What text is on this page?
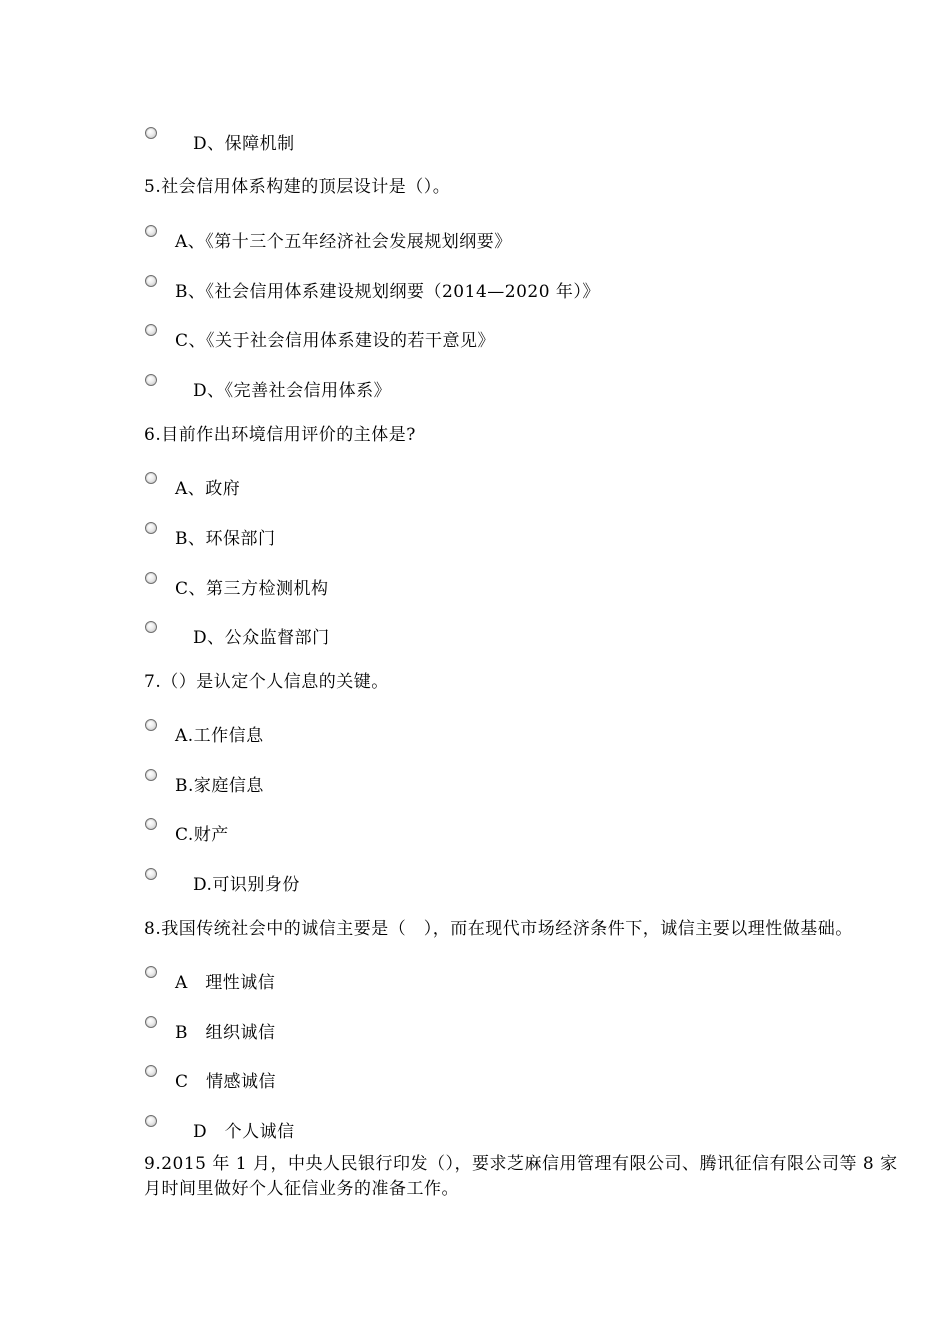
D、保障机制
5.社会信用体系构建的顶层设计是（）。
A、《第十三个五年经济社会发展规划纲要》
B、《社会信用体系建设规划纲要（2014—2020 年）》
C、《关于社会信用体系建设的若干意见》
D、《完善社会信用体系》
6.目前作出环境信用评价的主体是?
A、政府
B、环保部门
C、第三方检测机构
D、公众监督部门
7.（）是认定个人信息的关键。
A.工作信息
B.家庭信息
C.财产
D.可识别身份
8.我国传统社会中的诚信主要是（　），而在现代市场经济条件下，诚信主要以理性做基础。
A　理性诚信
B　组织诚信
C　情感诚信
D　个人诚信
9.2015 年 1 月，中央人民银行印发（），要求芝麻信用管理有限公司、腾讯征信有限公司等 8 家
月时间里做好个人征信业务的准备工作。
